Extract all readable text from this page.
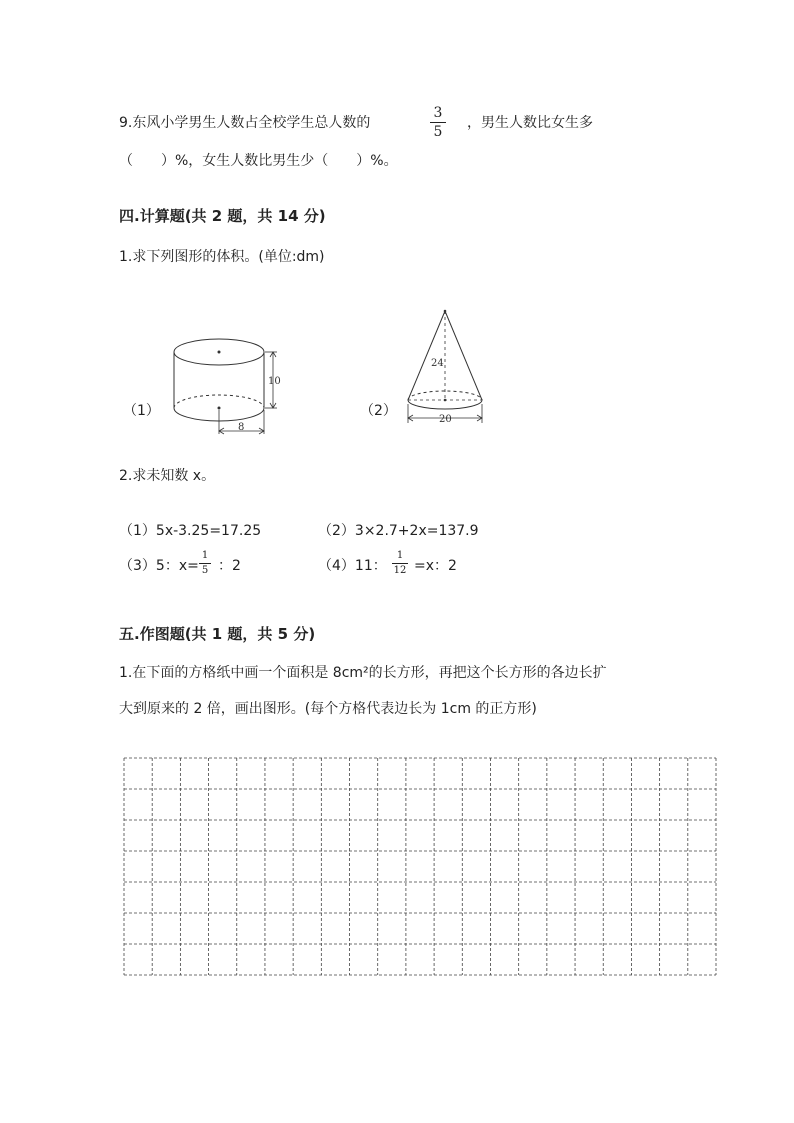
9.东风小学男生人数占全校学生总人数的
3
5
，男生人数比女生多
（　　）%，女生人数比男生少（　　）%。
四.计算题(共 2 题，共 14 分)
1.求下列图形的体积。(单位:dm)
（1）	（2）
10
8
24
20
2.求未知数 x。
（1）5x-3.25=17.25	（2）3×2.7+2x=137.9
（3）5：x=
1
5 ：2	（4）11：
1
12 =x：2
五.作图题(共 1 题，共 5 分)
1.在下面的方格纸中画一个面积是 8cm²的长方形，再把这个长方形的各边长扩
大到原来的 2 倍，画出图形。(每个方格代表边长为 1cm 的正方形)
